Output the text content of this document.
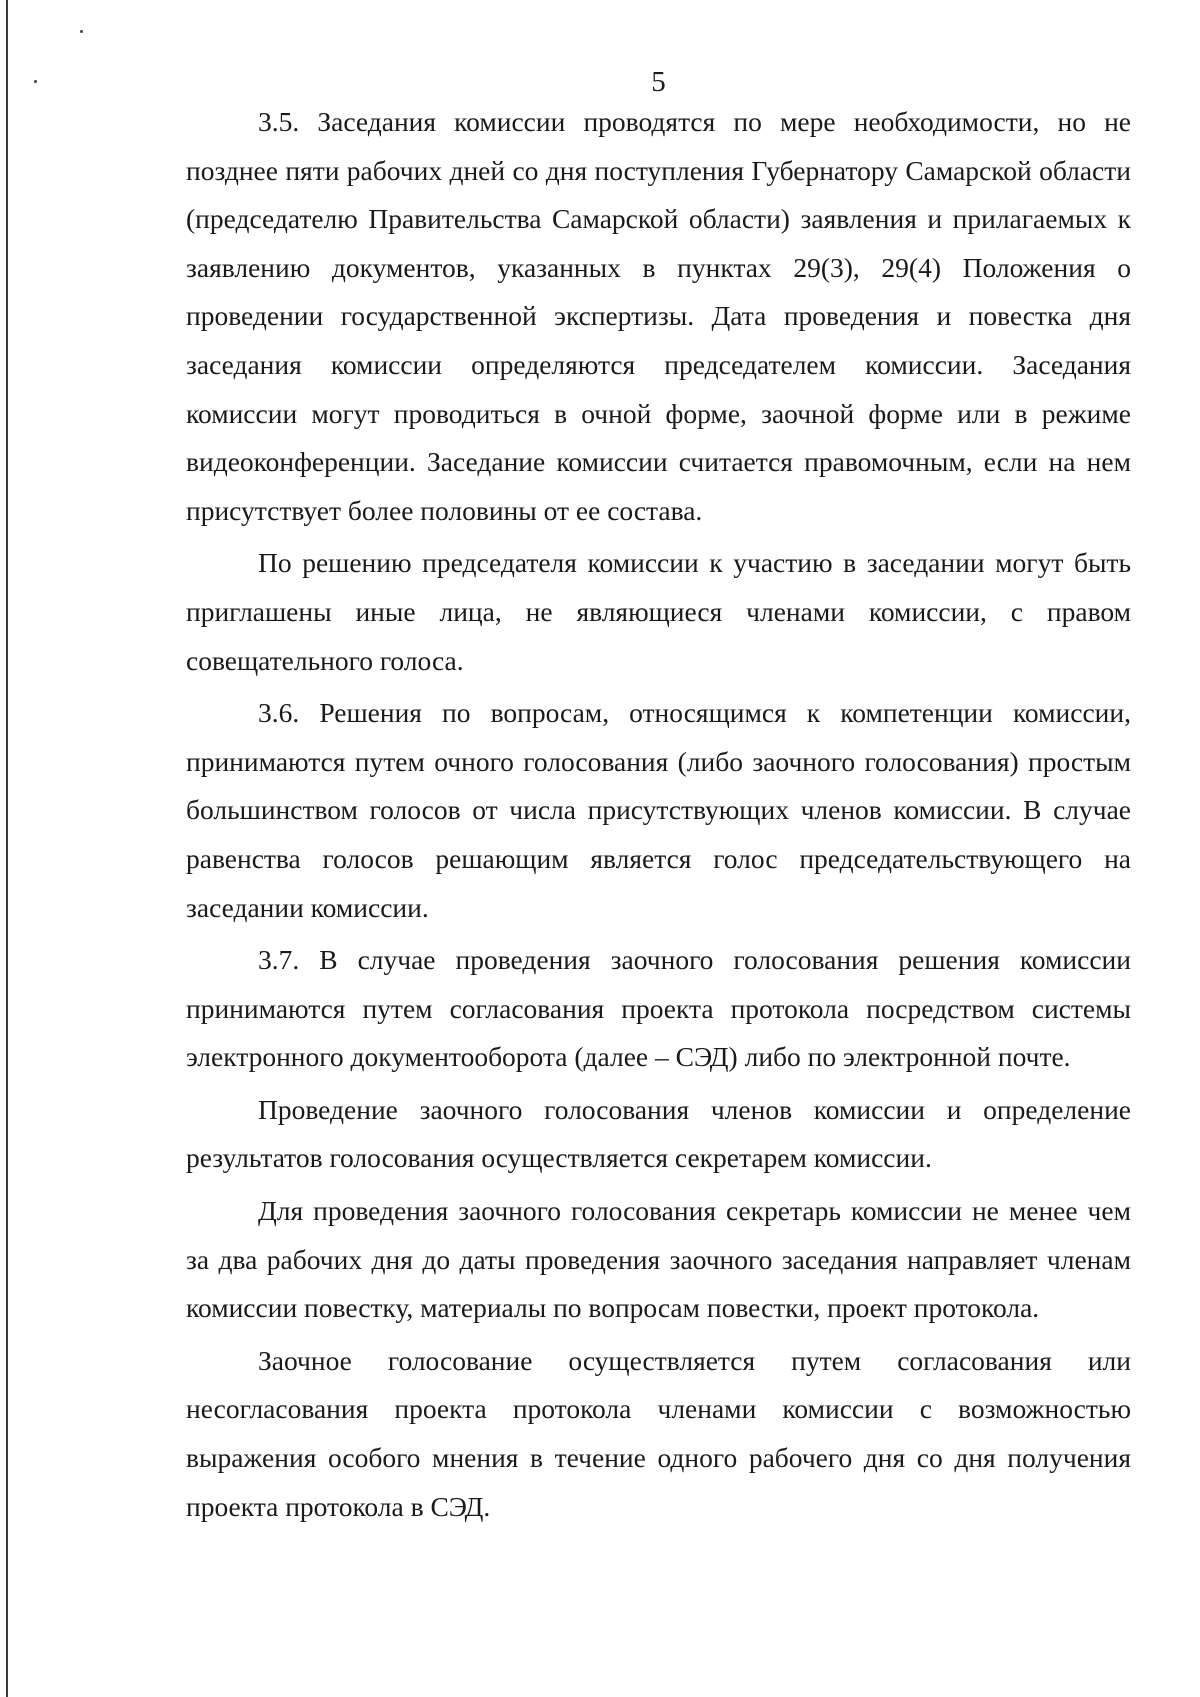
5

3.5. Заседания комиссии проводятся по мере необходимости, но не позднее пяти рабочих дней со дня поступления Губернатору Самарской области (председателю Правительства Самарской области) заявления и прилагаемых к заявлению документов, указанных в пунктах 29(3), 29(4) Положения о проведении государственной экспертизы. Дата проведения и повестка дня заседания комиссии определяются председателем комиссии. Заседания комиссии могут проводиться в очной форме, заочной форме или в режиме видеоконференции. Заседание комиссии считается правомочным, если на нем присутствует более половины от ее состава.

По решению председателя комиссии к участию в заседании могут быть приглашены иные лица, не являющиеся членами комиссии, с правом совещательного голоса.

3.6. Решения по вопросам, относящимся к компетенции комиссии, принимаются путем очного голосования (либо заочного голосования) простым большинством голосов от числа присутствующих членов комиссии. В случае равенства голосов решающим является голос председательствующего на заседании комиссии.

3.7. В случае проведения заочного голосования решения комиссии принимаются путем согласования проекта протокола посредством системы электронного документооборота (далее – СЭД) либо по электронной почте.

Проведение заочного голосования членов комиссии и определение результатов голосования осуществляется секретарем комиссии.

Для проведения заочного голосования секретарь комиссии не менее чем за два рабочих дня до даты проведения заочного заседания направляет членам комиссии повестку, материалы по вопросам повестки, проект протокола.

Заочное голосование осуществляется путем согласования или несогласования проекта протокола членами комиссии с возможностью выражения особого мнения в течение одного рабочего дня со дня получения проекта протокола в СЭД.
